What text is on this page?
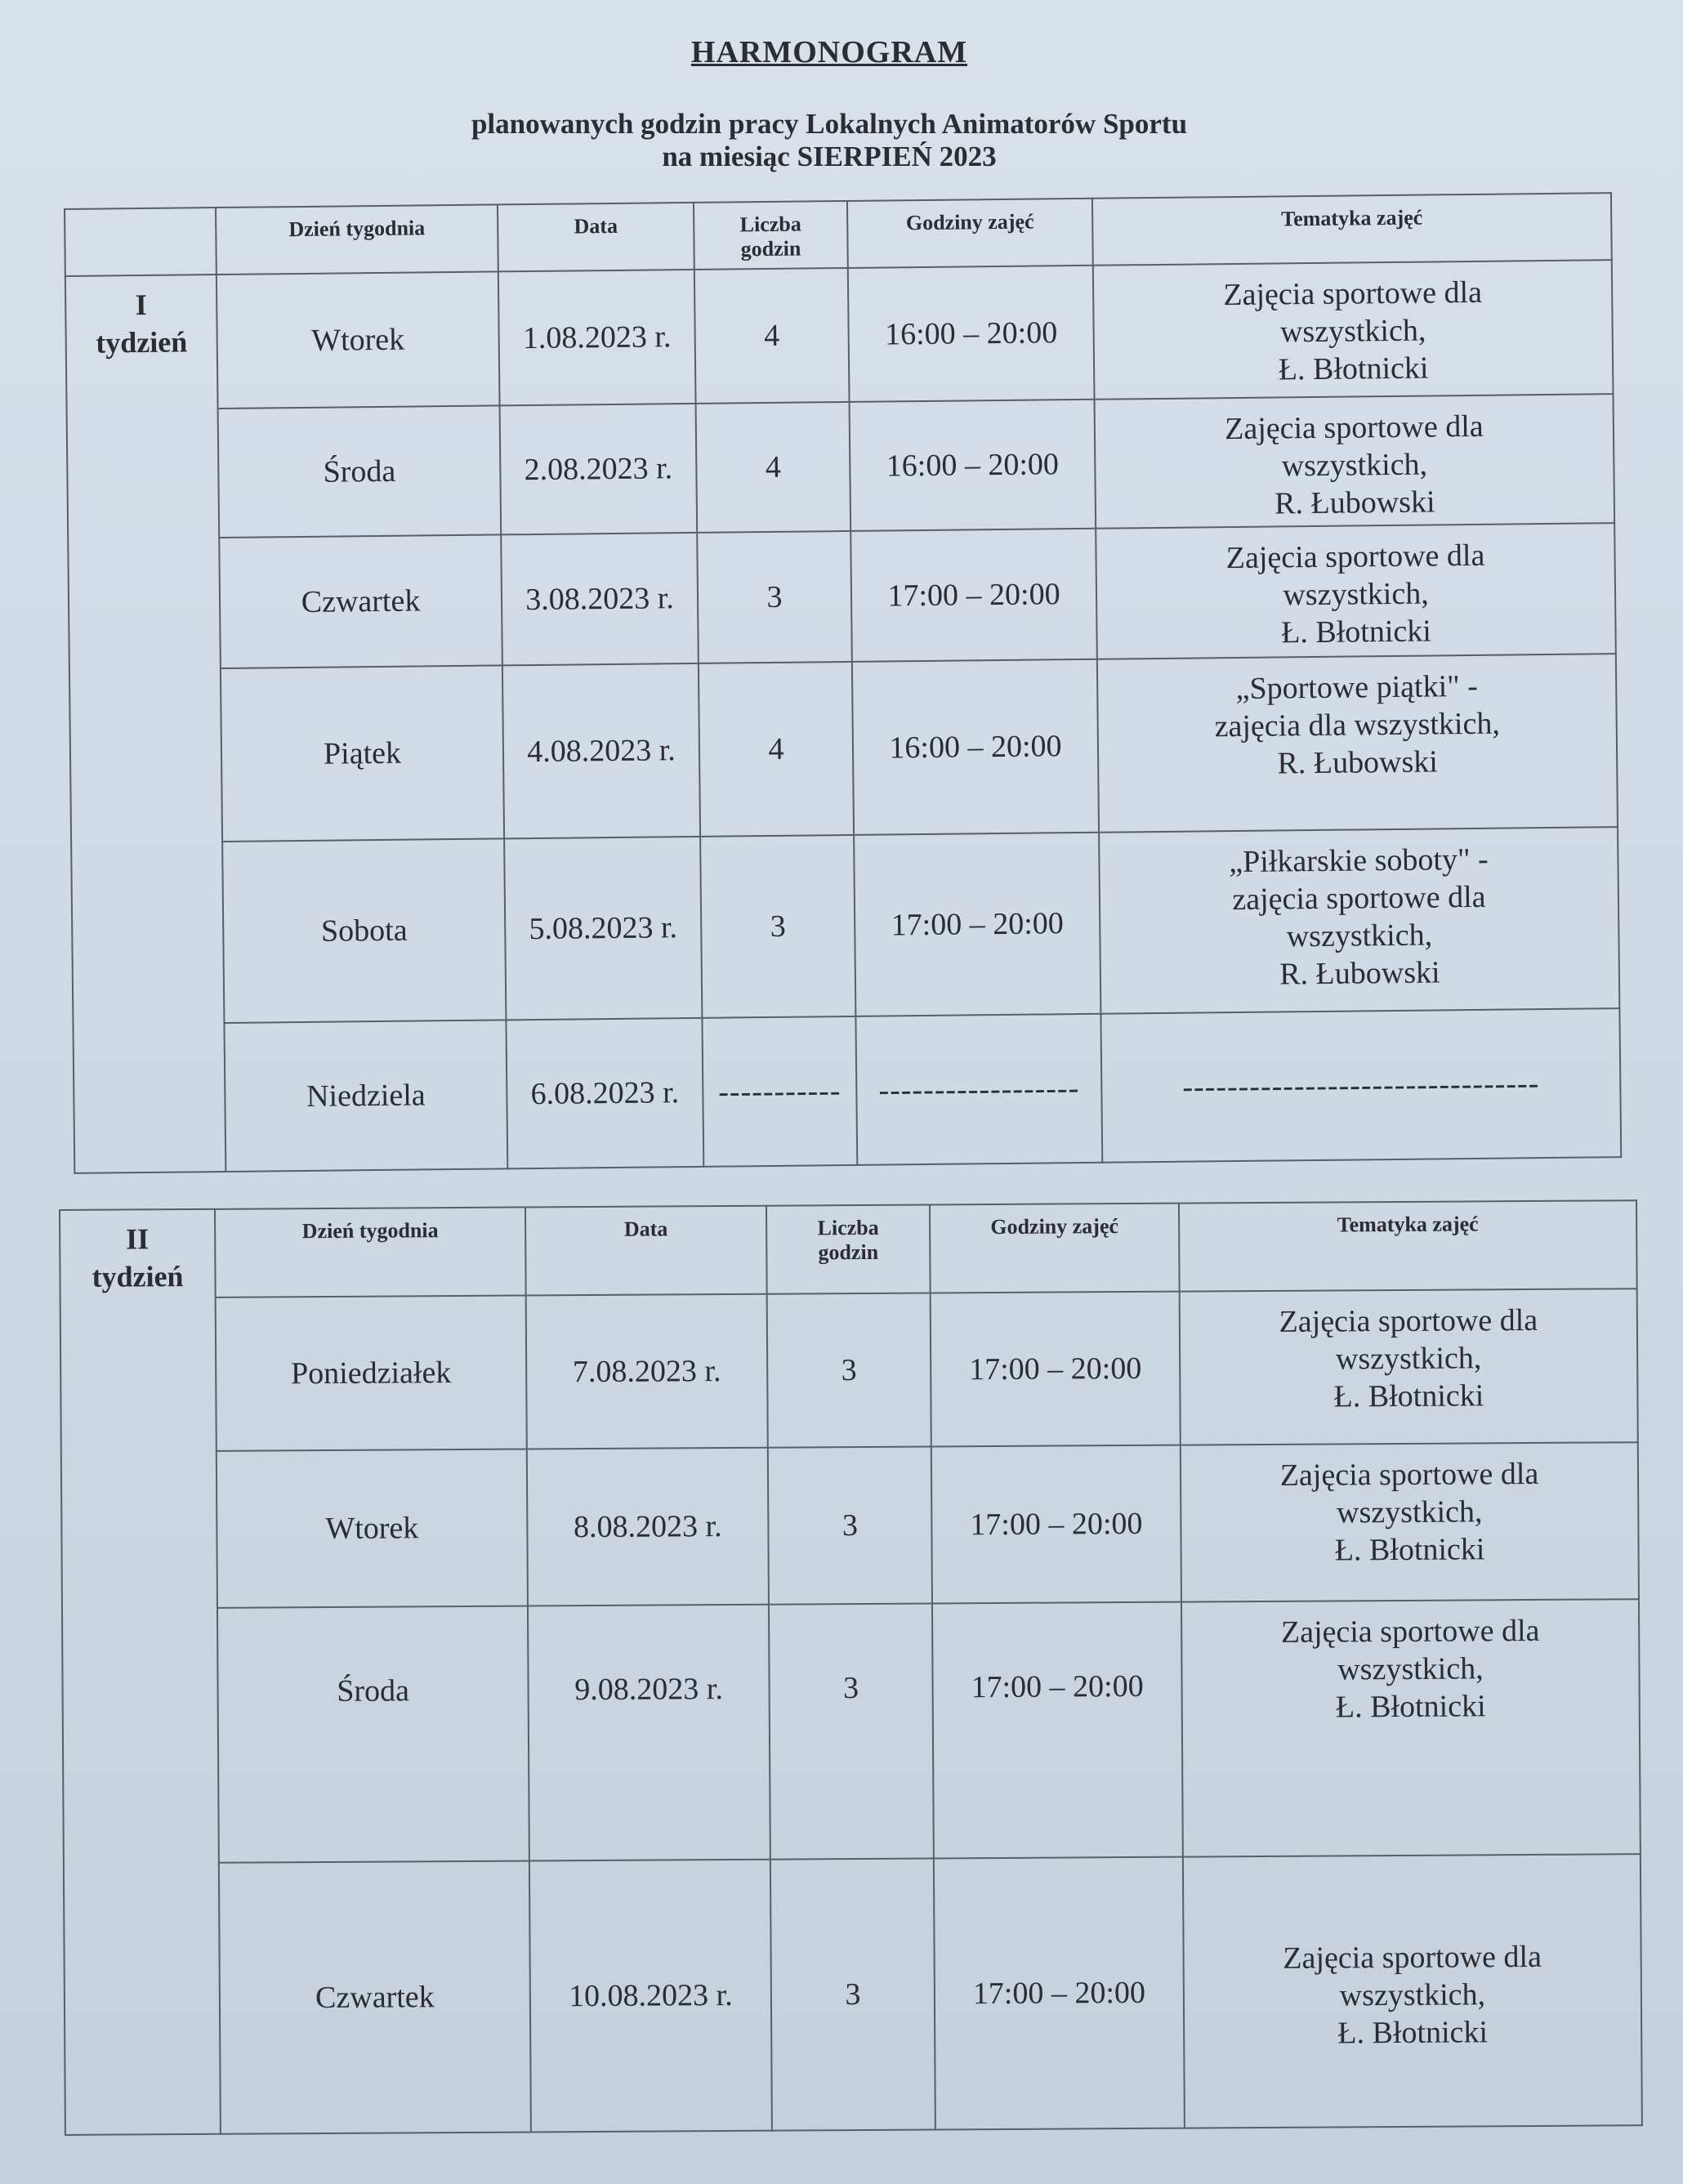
HARMONOGRAM
planowanych godzin pracy Lokalnych Animatorów Sportu
na miesiąc SIERPIEŃ 2023
	Dzień tygodnia	Data	Liczba
godzin	Godziny zajęć	Tematyka zajęć
I
tydzień	Wtorek	1.08.2023 r.	4	16:00 – 20:00	Zajęcia sportowe dla
wszystkich,
Ł. Błotnicki
	Środa	2.08.2023 r.	4	16:00 – 20:00	Zajęcia sportowe dla
wszystkich,
R. Łubowski
	Czwartek	3.08.2023 r.	3	17:00 – 20:00	Zajęcia sportowe dla
wszystkich,
Ł. Błotnicki
	Piątek	4.08.2023 r.	4	16:00 – 20:00	„Sportowe piątki" -
zajęcia dla wszystkich,
R. Łubowski
	Sobota	5.08.2023 r.	3	17:00 – 20:00	„Piłkarskie soboty" -
zajęcia sportowe dla
wszystkich,
R. Łubowski
	Niedziela	6.08.2023 r.	-----------	------------------	--------------------------------
II
tydzień	Dzień tygodnia	Data	Liczba
godzin	Godziny zajęć	Tematyka zajęć
	Poniedziałek	7.08.2023 r.	3	17:00 – 20:00	Zajęcia sportowe dla
wszystkich,
Ł. Błotnicki
	Wtorek	8.08.2023 r.	3	17:00 – 20:00	Zajęcia sportowe dla
wszystkich,
Ł. Błotnicki
	Środa	9.08.2023 r.	3	17:00 – 20:00	Zajęcia sportowe dla
wszystkich,
Ł. Błotnicki
	Czwartek	10.08.2023 r.	3	17:00 – 20:00	Zajęcia sportowe dla
wszystkich,
Ł. Błotnicki
